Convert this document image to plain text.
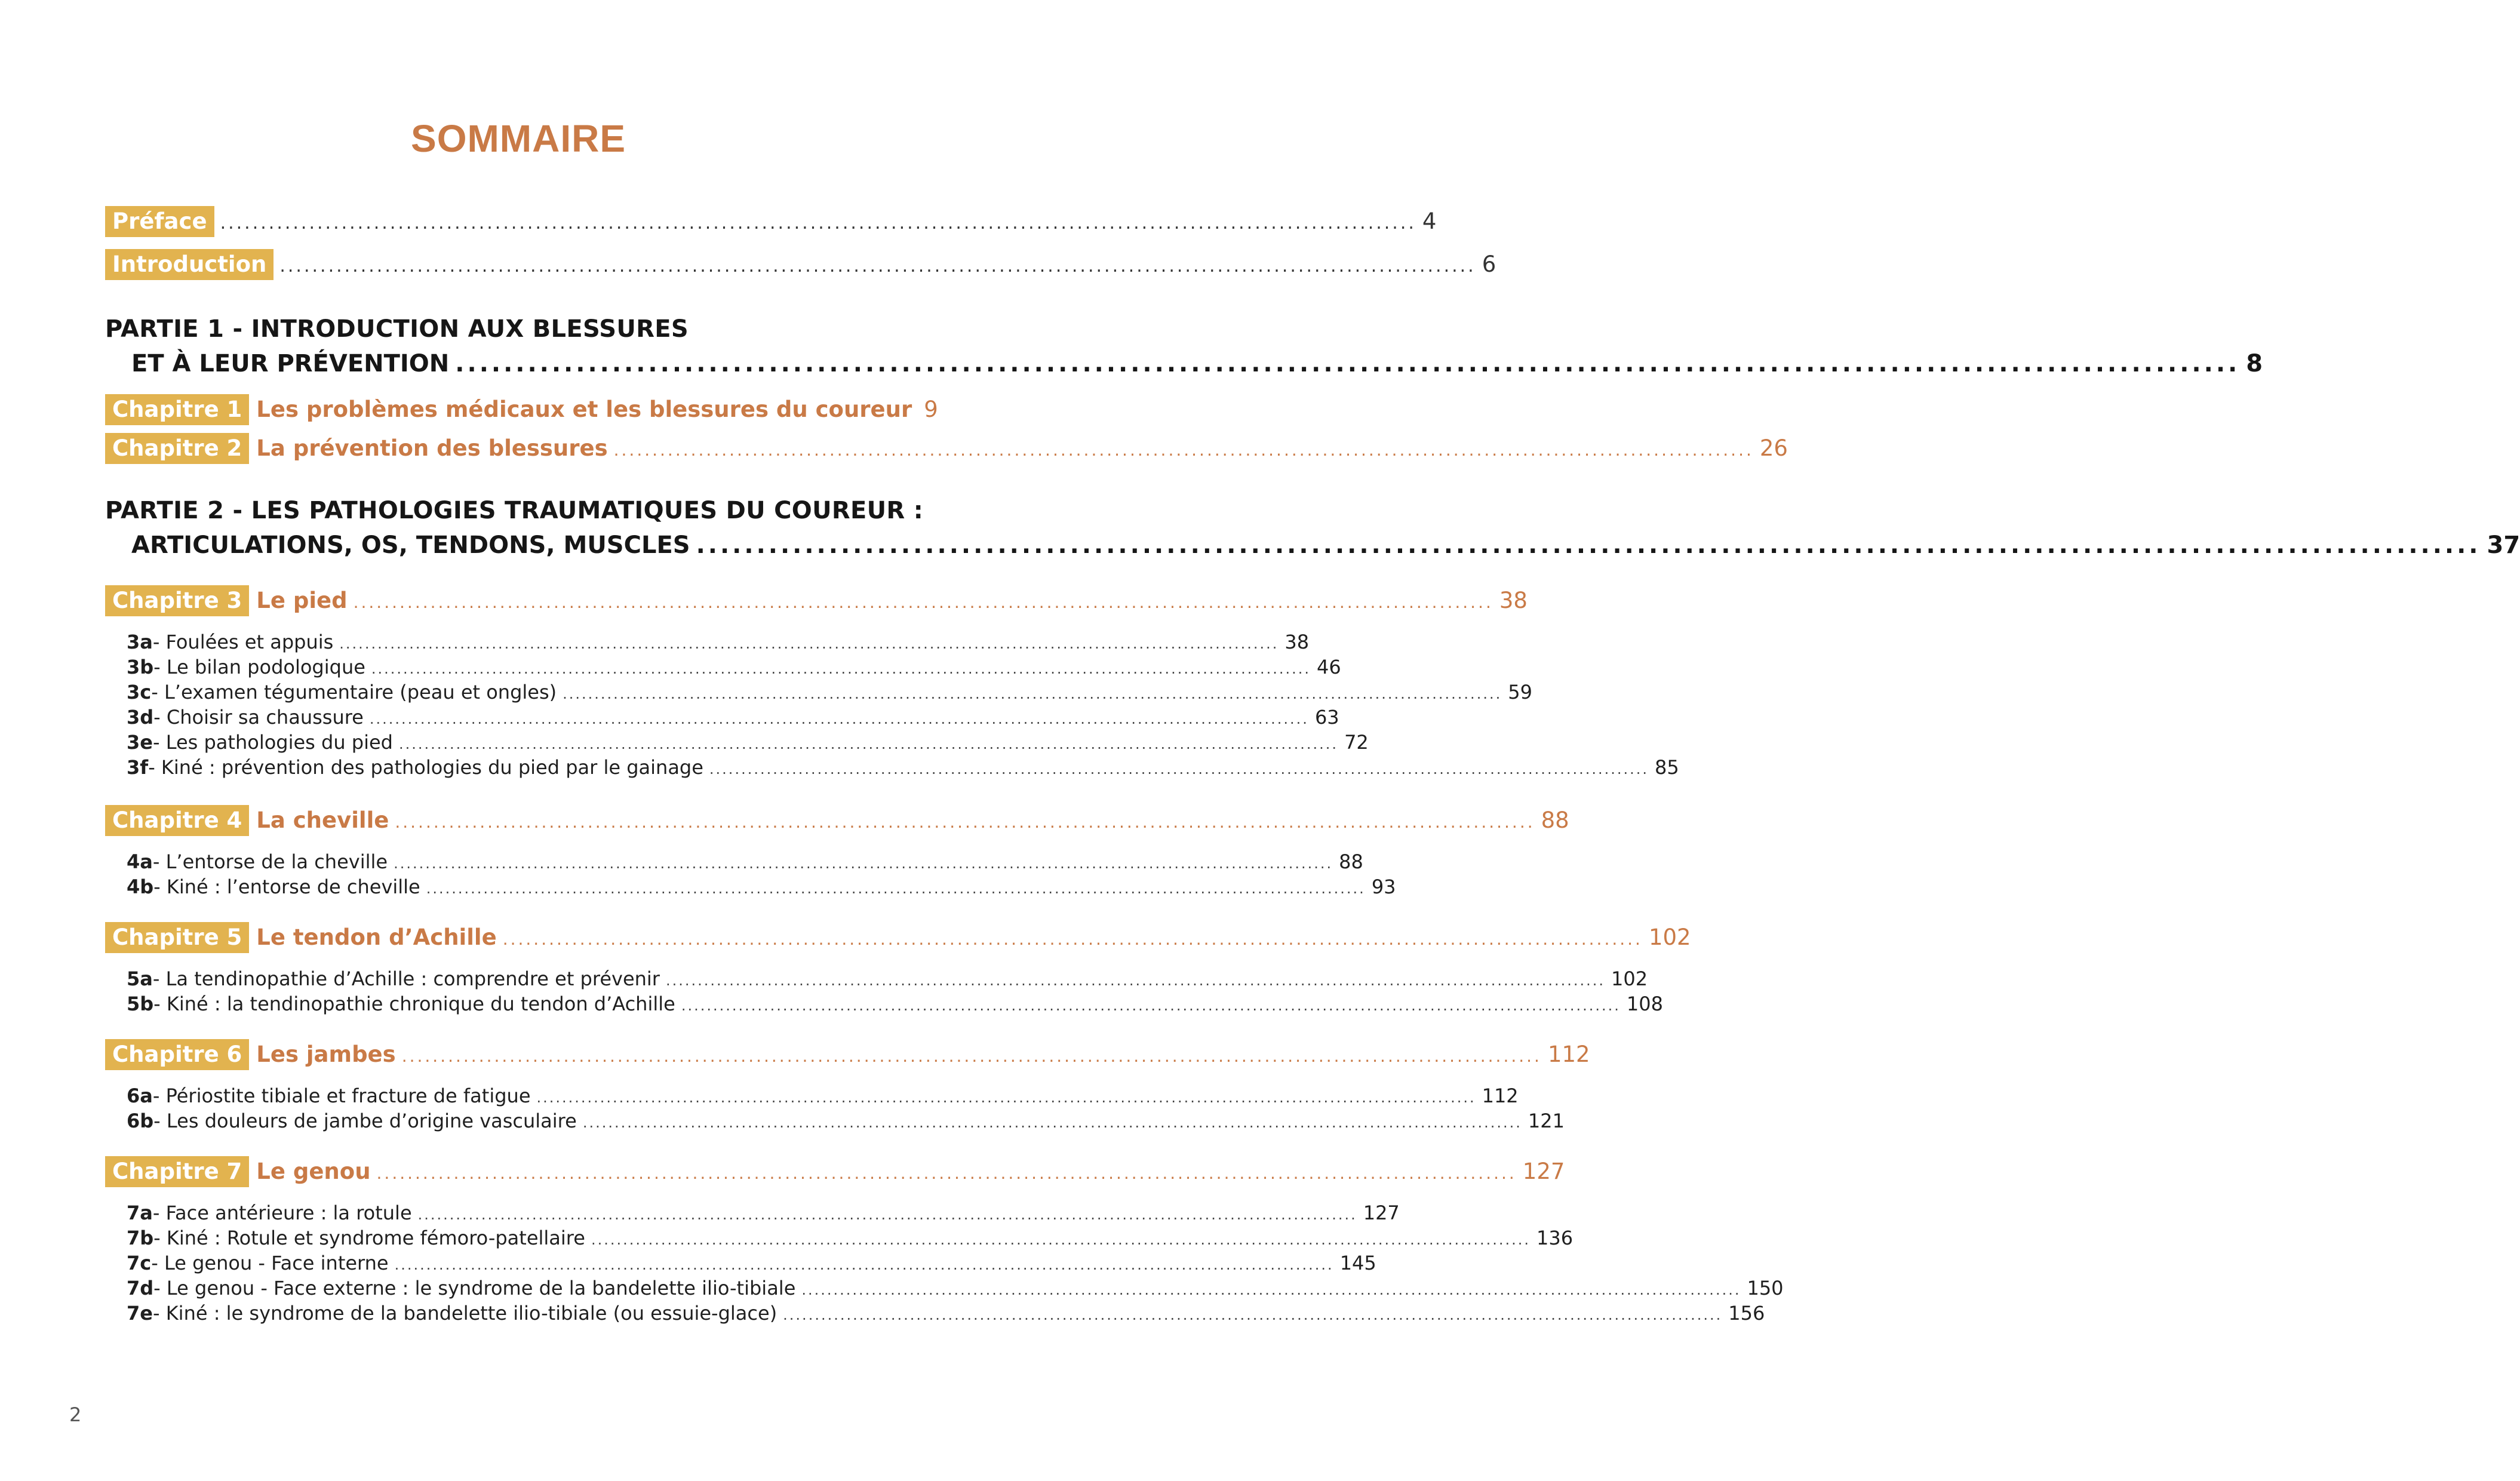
SOMMAIRE
Préface .................................................................................................................................................... 4
Introduction .................................................................................................................................................... 6
PARTIE 1 - INTRODUCTION AUX BLESSURES
ET À LEUR PRÉVENTION .................................................................................................................................................... 8
Chapitre 1 Les problèmes médicaux et les blessures du coureur 9
Chapitre 2 La prévention des blessures .................................................................................................................................................... 26
PARTIE 2 - LES PATHOLOGIES TRAUMATIQUES DU COUREUR :
ARTICULATIONS, OS, TENDONS, MUSCLES .................................................................................................................................................... 37
Chapitre 3 Le pied .................................................................................................................................................... 38
3a - Foulées et appuis .................................................................................................................................................... 38
3b - Le bilan podologique .................................................................................................................................................... 46
3c - L’examen tégumentaire (peau et ongles) .................................................................................................................................................... 59
3d - Choisir sa chaussure .................................................................................................................................................... 63
3e - Les pathologies du pied .................................................................................................................................................... 72
3f - Kiné : prévention des pathologies du pied par le gainage .................................................................................................................................................... 85
Chapitre 4 La cheville .................................................................................................................................................... 88
4a - L’entorse de la cheville .................................................................................................................................................... 88
4b - Kiné : l’entorse de cheville .................................................................................................................................................... 93
Chapitre 5 Le tendon d’Achille .................................................................................................................................................... 102
5a - La tendinopathie d’Achille : comprendre et prévenir .................................................................................................................................................... 102
5b - Kiné : la tendinopathie chronique du tendon d’Achille .................................................................................................................................................... 108
Chapitre 6 Les jambes .................................................................................................................................................... 112
6a - Périostite tibiale et fracture de fatigue .................................................................................................................................................... 112
6b - Les douleurs de jambe d’origine vasculaire .................................................................................................................................................... 121
Chapitre 7 Le genou .................................................................................................................................................... 127
7a - Face antérieure : la rotule .................................................................................................................................................... 127
7b - Kiné : Rotule et syndrome fémoro-patellaire .................................................................................................................................................... 136
7c - Le genou - Face interne .................................................................................................................................................... 145
7d - Le genou - Face externe : le syndrome de la bandelette ilio-tibiale .................................................................................................................................................... 150
7e - Kiné : le syndrome de la bandelette ilio-tibiale (ou essuie-glace) .................................................................................................................................................... 156
2
